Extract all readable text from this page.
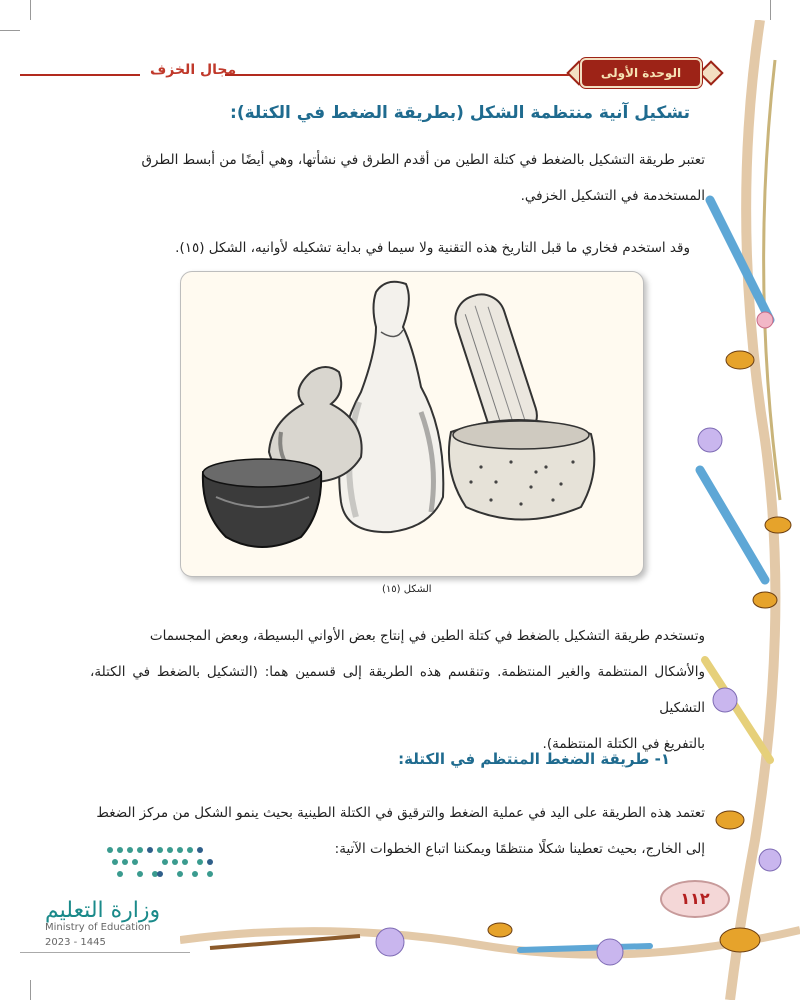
مجال الخزف	الوحدة الأولى
تشكيل آنية منتظمة الشكل (بطريقة الضغط في الكتلة):
تعتبر طريقة التشكيل بالضغط في كتلة الطين من أقدم الطرق في نشأتها، وهي أيضًا من أبسط الطرق
المستخدمة في التشكيل الخزفي.
وقد استخدم فخاري ما قبل التاريخ هذه التقنية ولا سيما في بداية تشكيله لأوانيه، الشكل (١٥).
الشكل (١٥)
وتستخدم طريقة التشكيل بالضغط في كتلة الطين في إنتاج بعض الأواني البسيطة، وبعض المجسمات
والأشكال المنتظمة والغير المنتظمة. وتنقسم هذه الطريقة إلى قسمين هما: (التشكيل بالضغط في الكتلة، التشكيل
بالتفريغ في الكتلة المنتظمة).
١- طريقة الضغط المنتظم في الكتلة:
تعتمد هذه الطريقة على اليد في عملية الضغط والترقيق في الكتلة الطينية بحيث ينمو الشكل من مركز الضغط
إلى الخارج، بحيث تعطينا شكلًا منتظمًا ويمكننا اتباع الخطوات الآتية:
١١٢
وزارة التعليم
Ministry of Education
2023 - 1445
